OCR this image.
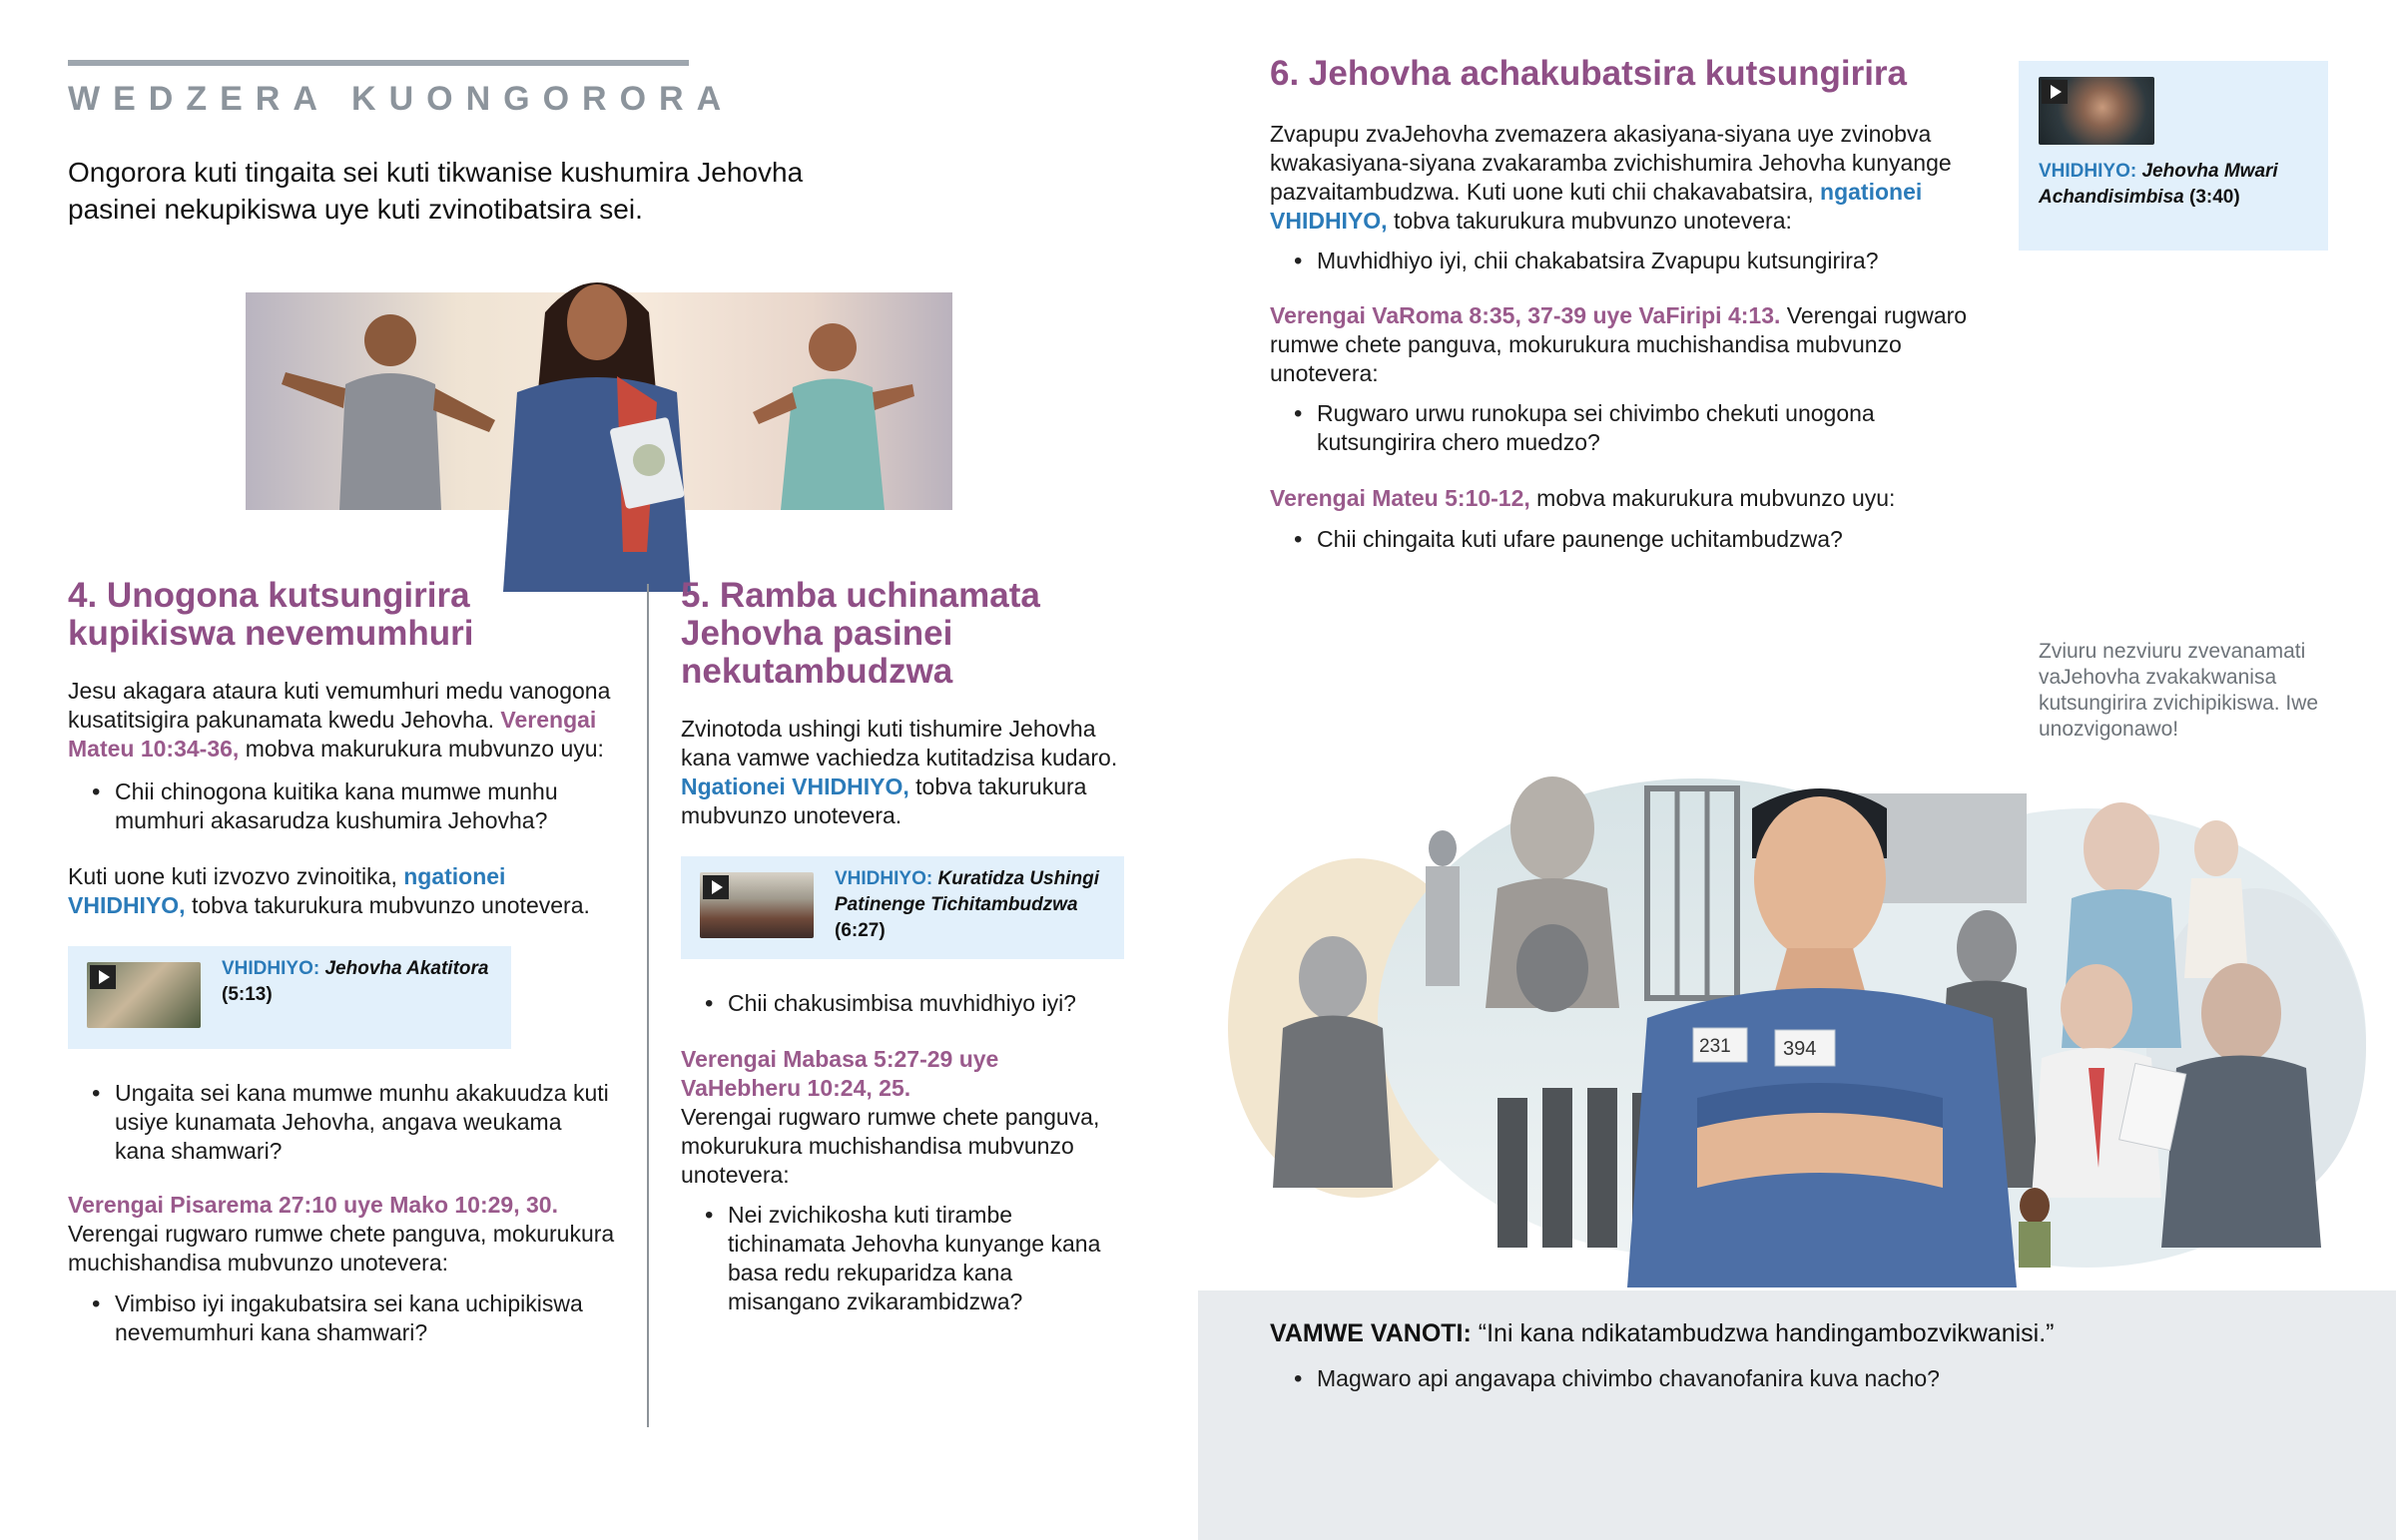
WEDZERA KUONGORORA
Ongorora kuti tingaita sei kuti tikwanise kushumira Jehovha pasinei nekupikiswa uye kuti zvinotibatsira sei.
4. Unogona kutsungirira kupikiswa nevemumhuri
Jesu akagara ataura kuti vemumhuri medu vanogona kusatitsigira pakunamata kwedu Jehovha. Verengai Mateu 10:34-36, mobva makurukura mubvunzo uyu:
• Chii chinogona kuitika kana mumwe munhu mumhuri akasarudza kushumira Jehovha?
Kuti uone kuti izvozvo zvinoitika, ngationei VHIDHIYO, tobva takurukura mubvunzo unotevera.
VHIDHIYO: Jehovha Akatitora
(5:13)
• Ungaita sei kana mumwe munhu akakuudza kuti usiye kunamata Jehovha, angava weukama kana shamwari?
Verengai Pisarema 27:10 uye Mako 10:29, 30. Verengai rugwaro rumwe chete panguva, mokurukura muchishandisa mubvunzo unotevera:
• Vimbiso iyi ingakubatsira sei kana uchipikiswa nevemumhuri kana shamwari?
5. Ramba uchinamata Jehovha pasinei nekutambudzwa
Zvinotoda ushingi kuti tishumire Jehovha kana vamwe vachiedza kutitadzisa kudaro. Ngationei VHIDHIYO, tobva takurukura mubvunzo unotevera.
VHIDHIYO: Kuratidza Ushingi Patinenge Tichitambudzwa
(6:27)
• Chii chakusimbisa muvhidhiyo iyi?
Verengai Mabasa 5:27-29 uye VaHebheru 10:24, 25.
Verengai rugwaro rumwe chete panguva, mokurukura muchishandisa mubvunzo unotevera:
• Nei zvichikosha kuti tirambe tichinamata Jehovha kunyange kana basa redu rekuparidza kana misangano zvikarambidzwa?
6. Jehovha achakubatsira kutsungirira
Zvapupu zvaJehovha zvemazera akasiyana-siyana uye zvinobva kwakasiyana-siyana zvakaramba zvichishumira Jehovha kunyange pazvaitambudzwa. Kuti uone kuti chii chakavabatsira, ngationei VHIDHIYO, tobva takurukura mubvunzo unotevera:
VHIDHIYO: Jehovha Mwari Achandisimbisa (3:40)
• Muvhidhiyo iyi, chii chakabatsira Zvapupu kutsungirira?
Verengai VaRoma 8:35, 37-39 uye VaFiripi 4:13. Verengai rugwaro rumwe chete panguva, mokurukura muchishandisa mubvunzo unotevera:
• Rugwaro urwu runokupa sei chivimbo chekuti unogona kutsungirira chero muedzo?
Verengai Mateu 5:10-12, mobva makurukura mubvunzo uyu:
• Chii chingaita kuti ufare paunenge uchitambudzwa?
Zviuru nezviuru zvevanamati vaJehovha zvakakwanisa kutsungirira zvichipikiswa. Iwe unozvigonawo!
231	394
VAMWE VANOTI: “Ini kana ndikatambudzwa handingambozvikwanisi.”
• Magwaro api angavapa chivimbo chavanofanira kuva nacho?
